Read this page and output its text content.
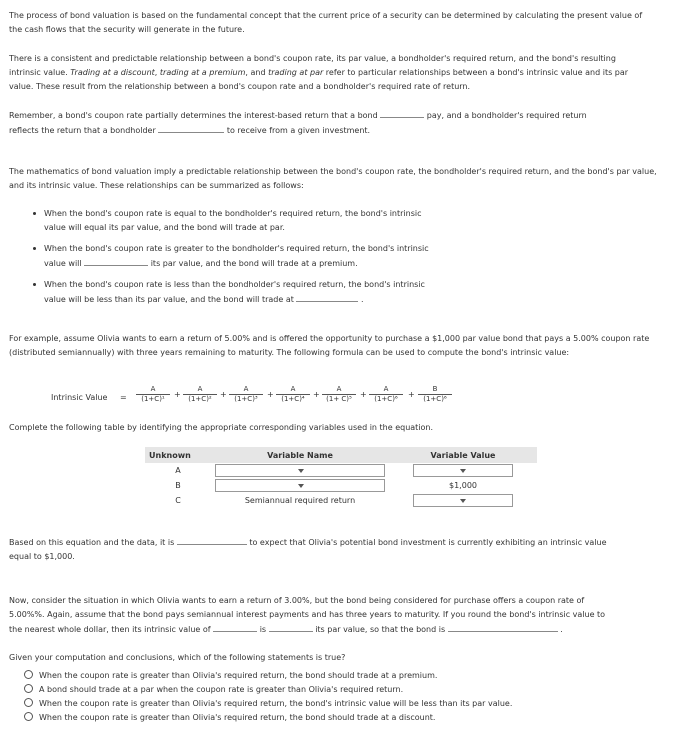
The process of bond valuation is based on the fundamental concept that the current price of a security can be determined by calculating the present value of the cash flows that the security will generate in the future.

There is a consistent and predictable relationship between a bond's coupon rate, its par value, a bondholder's required return, and the bond's resulting intrinsic value. Trading at a discount, trading at a premium, and trading at par refer to particular relationships between a bond's intrinsic value and its par value. These result from the relationship between a bond's coupon rate and a bondholder's required rate of return.

Remember, a bond's coupon rate partially determines the interest-based return that a bond	pay, and a bondholder's required return
reflects the return that a bondholder	to receive from a given investment.

The mathematics of bond valuation imply a predictable relationship between the bond's coupon rate, the bondholder's required return, and the bond's par value, and its intrinsic value. These relationships can be summarized as follows:

When the bond's coupon rate is equal to the bondholder's required return, the bond's intrinsic
value will equal its par value, and the bond will trade at par.

When the bond's coupon rate is greater to the bondholder's required return, the bond's intrinsic
value will	its par value, and the bond will trade at a premium.

When the bond's coupon rate is less than the bondholder's required return, the bond's intrinsic
value will be less than its par value, and the bond will trade at	.

For example, assume Olivia wants to earn a return of 5.00% and is offered the opportunity to purchase a $1,000 par value bond that pays a 5.00% coupon rate (distributed semiannually) with three years remaining to maturity. The following formula can be used to compute the bond's intrinsic value:

Intrinsic Value = $\frac{A}{\text{(1+C)¹}} \frac{A}{\text{(1+C)²}} \frac{A}{\text{(1+C)³}} \frac{A}{\text{(1+C)⁴}} \frac{A}{\text{(1+ C)⁵}} \frac{A}{\text{(1+C)⁶}} \frac{B}{\text{(1+C)⁶}}$
+	+	+	+	+	+

Complete the following table by identifying the appropriate corresponding variables used in the equation.

Unknown	Variable Name	Variable Value
A	

B		$1,000
C	Semiannual required return	

Based on this equation and the data, it is	to expect that Olivia's potential bond investment is currently exhibiting an intrinsic value
equal to $1,000.

Now, consider the situation in which Olivia wants to earn a return of 3.00%, but the bond being considered for purchase offers a coupon rate of
5.00%%. Again, assume that the bond pays semiannual interest payments and has three years to maturity. If you round the bond's intrinsic value to
the nearest whole dollar, then its intrinsic value of	is	its par value, so that the bond is	.

Given your computation and conclusions, which of the following statements is true?

When the coupon rate is greater than Olivia's required return, the bond should trade at a premium.

A bond should trade at a par when the coupon rate is greater than Olivia's required return.

When the coupon rate is greater than Olivia's required return, the bond's intrinsic value will be less than its par value.

When the coupon rate is greater than Olivia's required return, the bond should trade at a discount.
